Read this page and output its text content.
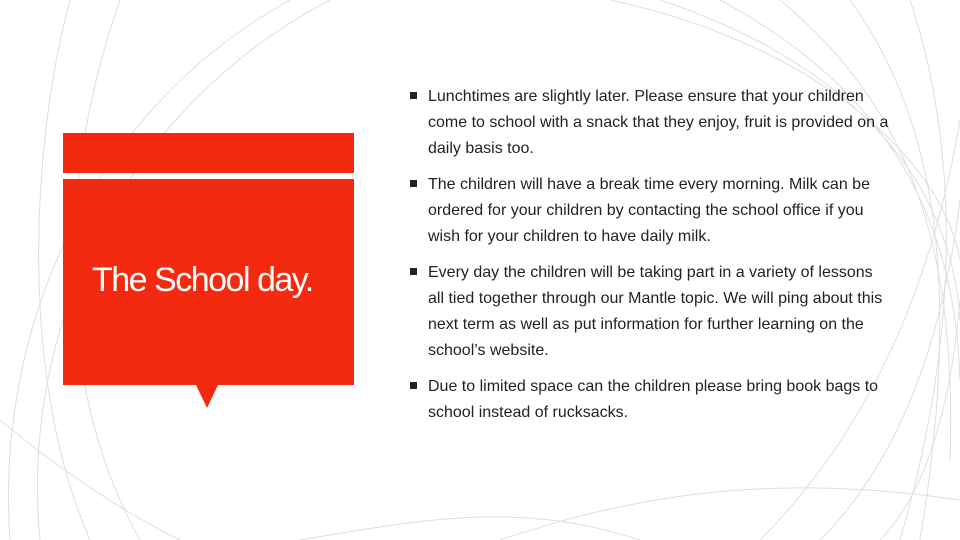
The School day.
Lunchtimes are slightly later. Please ensure that your children come to school with a snack that they enjoy, fruit is provided on a daily basis too.
The children will have a break time every morning. Milk can be ordered for your children by contacting the school office if you wish for your children to have daily milk.
Every day the children will be taking part in a variety of lessons all tied together through our Mantle topic. We will ping about this next term as well as put information for further learning on the school’s website.
Due to limited space can the children please bring book bags to school instead of rucksacks.
